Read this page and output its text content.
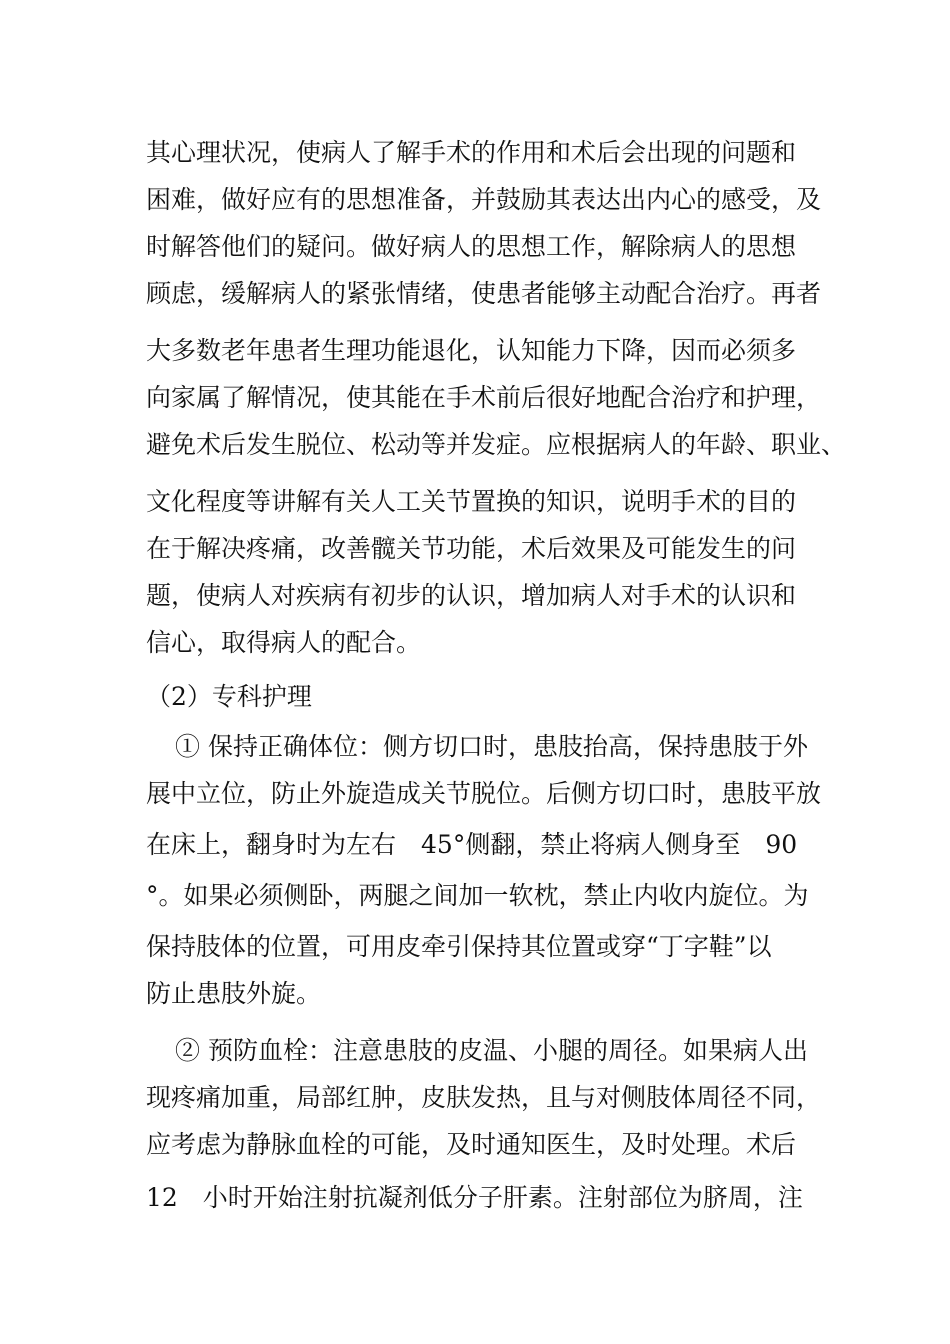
其心理状况，使病人了解手术的作用和术后会出现的问题和
困难，做好应有的思想准备，并鼓励其表达出内心的感受，及
时解答他们的疑问。做好病人的思想工作，解除病人的思想
顾虑，缓解病人的紧张情绪，使患者能够主动配合治疗。再者
大多数老年患者生理功能退化，认知能力下降，因而必须多
向家属了解情况，使其能在手术前后很好地配合治疗和护理，
避免术后发生脱位、松动等并发症。应根据病人的年龄、职业、
文化程度等讲解有关人工关节置换的知识，说明手术的目的
在于解决疼痛，改善髋关节功能，术后效果及可能发生的问
题，使病人对疾病有初步的认识，增加病人对手术的认识和
信心，取得病人的配合。
（2）专科护理
① 保持正确体位：侧方切口时，患肢抬高，保持患肢于外
展中立位，防止外旋造成关节脱位。后侧方切口时，患肢平放
在床上，翻身时为左右　45°侧翻，禁止将病人侧身至　90
°。如果必须侧卧，两腿之间加一软枕，禁止内收内旋位。为
保持肢体的位置，可用皮牵引保持其位置或穿“丁字鞋”以
防止患肢外旋。
② 预防血栓：注意患肢的皮温、小腿的周径。如果病人出
现疼痛加重，局部红肿，皮肤发热，且与对侧肢体周径不同，
应考虑为静脉血栓的可能，及时通知医生，及时处理。术后
12　小时开始注射抗凝剂低分子肝素。注射部位为脐周，注
